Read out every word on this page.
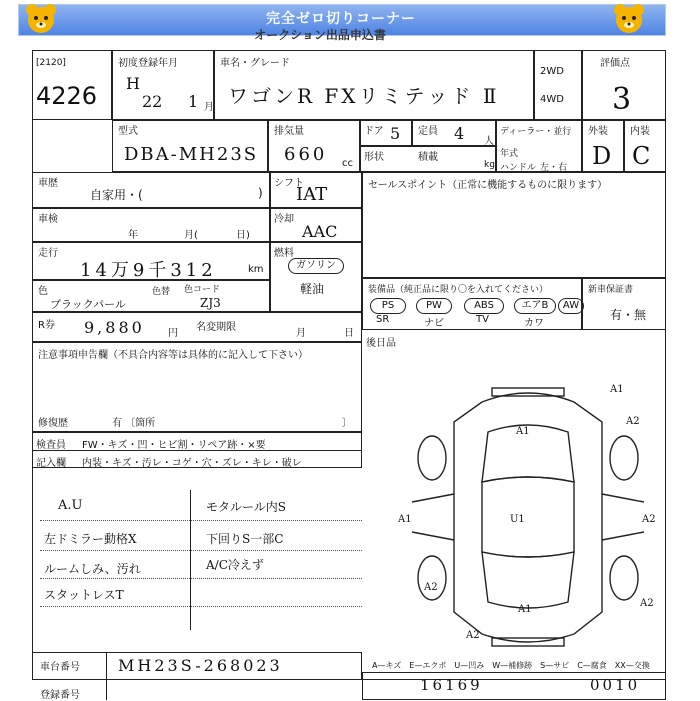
完全ゼロ切りコーナー
オークション出品申込書
[2120]
4226
初度登録年月
H
22 1 月
車名・グレード
ワゴンR FXリミテッド Ⅱ
2WD
4WD
評価点
3
型式
DBA-MH23S
排気量
660 cc
ドア 5 定員 4 人
形状	積載
kg
ディーラー・並行
年式
ハンドル 左・右
外装 内装
D C
車歴
自家用・(	)
シフト
IAT	セールスポイント（正常に機能するものに限ります）
車検
年	月(	日)
冷却
AAC
走行
14万9千312	km
燃料
ガソリン
軽油
色
ブラックパール
色替 色コード
ZJ3
装備品（純正品に限り〇を入れてください）
PS	PW	ABS	エアB	AW
SR	ナビ	TV	カワ
新車保証書
有・無
R券 9,880 円
名変期限
月	日
後日品
注意事項申告欄（不具合内容等は具体的に記入して下さい）
修復歴	有 〔箇所	〕
検査員 FW・キズ・凹・ヒビ割・リペア跡・×要
記入欄 内装・キズ・汚レ・コゲ・穴・ズレ・キレ・破レ
A.U
左ドミラー動格X
ルームしみ、汚れ
スタットレスT
モタルール内S
下回りS一部C
A/C冷えず
A1
A2
A1
U1
A1	A2
A2
A1
A2
A2
車台番号 MH23S-268023
登録番号
A—キズ　E—エクボ　U—凹み　W—補修跡　S—サビ　C—腐食　XX—交換
16169	0010
